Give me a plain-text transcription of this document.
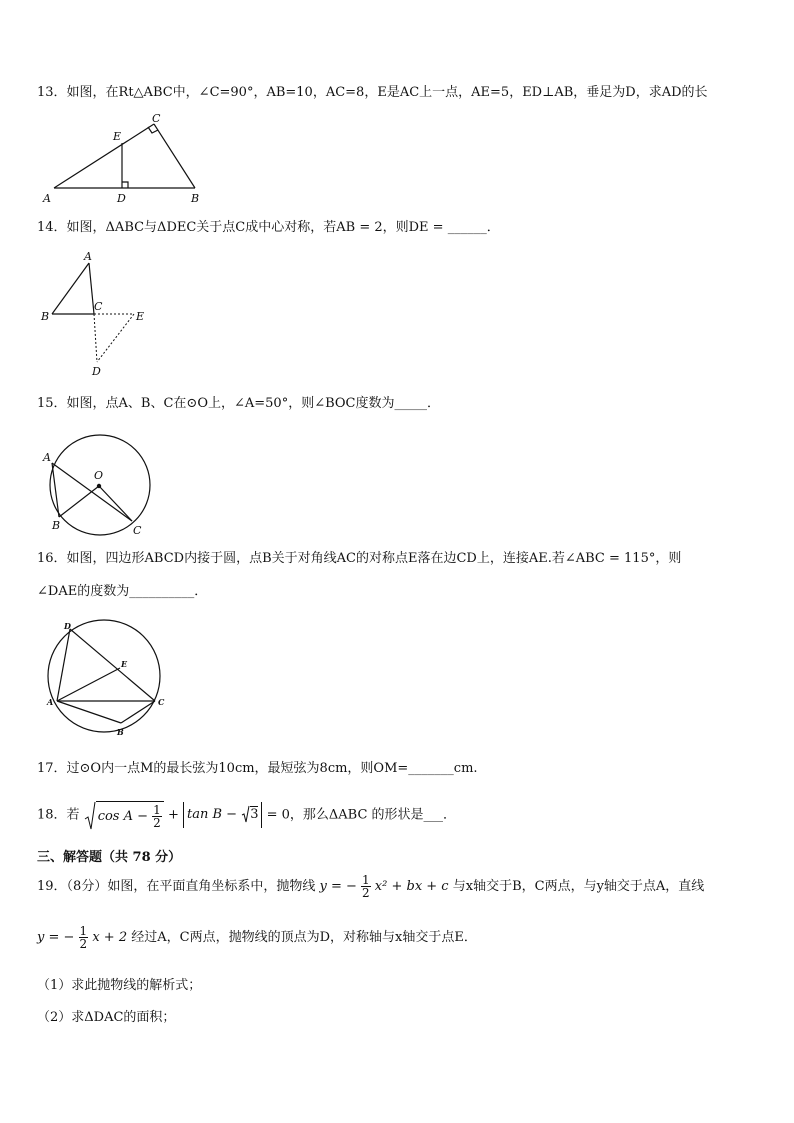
13．如图，在Rt△ABC中，∠C=90°，AB=10，AC=8，E是AC上一点，AE=5，ED⊥AB，垂足为D，求AD的长
A	B
C
D
E
14．如图，ΔABC与ΔDEC关于点C成中心对称，若AB = 2，则DE = ______．
A
B
C
E
D
15．如图，点A、B、C在⊙O上，∠A=50°，则∠BOC度数为_____．
A
B	C
O
16．如图，四边形ABCD内接于圆，点B关于对角线AC的对称点E落在边CD上，连接AE.若∠ABC = 115°，则
∠DAE的度数为__________．
D
A
B
C
E
17．过⊙O内一点M的最长弦为10cm，最短弦为8cm，则OM=_______cm.
18．若 $\cos A - \frac{1}{2} + \tan B - 3 = 0$，那么ΔABC 的形状是___．
三、解答题（共 78 分）
19．（8分）如图，在平面直角坐标系中，抛物线 y = − $\frac{1}{2} x^2$ + bx + c 与x轴交于B，C两点，与y轴交于点A，直线
y = − $\frac{1}{2}$ x + 2 经过A，C两点，抛物线的顶点为D，对称轴与x轴交于点E．
（1）求此抛物线的解析式；
（2）求ΔDAC的面积；
